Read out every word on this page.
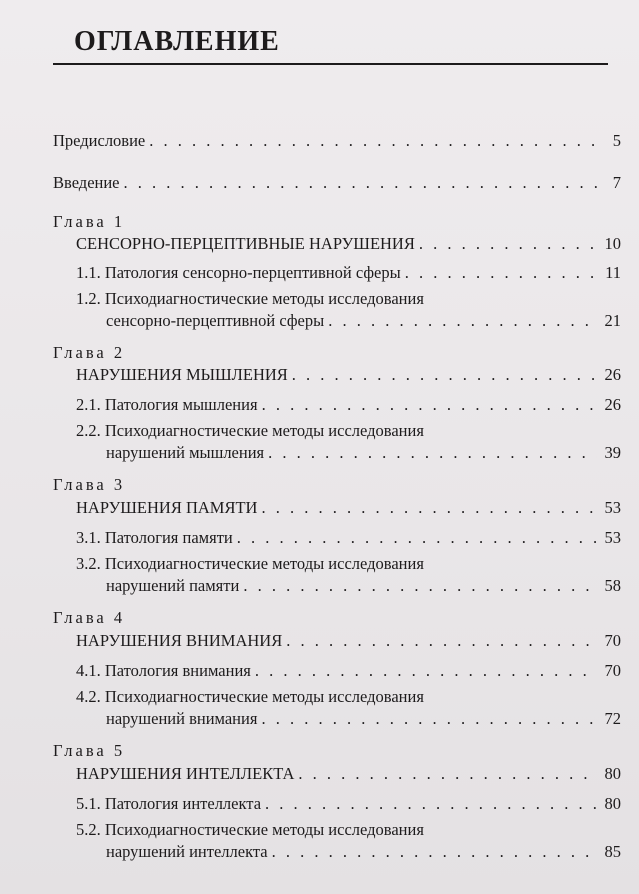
ОГЛАВЛЕНИЕ
Предисловие . . .	5
Введение . . .	7
Глава 1
СЕНСОРНО-ПЕРЦЕПТИВНЫЕ НАРУШЕНИЯ . . .	10
1.1. Патология сенсорно-перцептивной сферы . . .	11
1.2. Психодиагностические методы исследования
сенсорно-перцептивной сферы . . .	21
Глава 2
НАРУШЕНИЯ МЫШЛЕНИЯ . . .	26
2.1. Патология мышления . . .	26
2.2. Психодиагностические методы исследования
нарушений мышления . . .	39
Глава 3
НАРУШЕНИЯ ПАМЯТИ . . .	53
3.1. Патология памяти . . .	53
3.2. Психодиагностические методы исследования
нарушений памяти . . .	58
Глава 4
НАРУШЕНИЯ ВНИМАНИЯ . . .	70
4.1. Патология внимания . . .	70
4.2. Психодиагностические методы исследования
нарушений внимания . . .	72
Глава 5
НАРУШЕНИЯ ИНТЕЛЛЕКТА . . .	80
5.1. Патология интеллекта . . .	80
5.2. Психодиагностические методы исследования
нарушений интеллекта . . .	85
